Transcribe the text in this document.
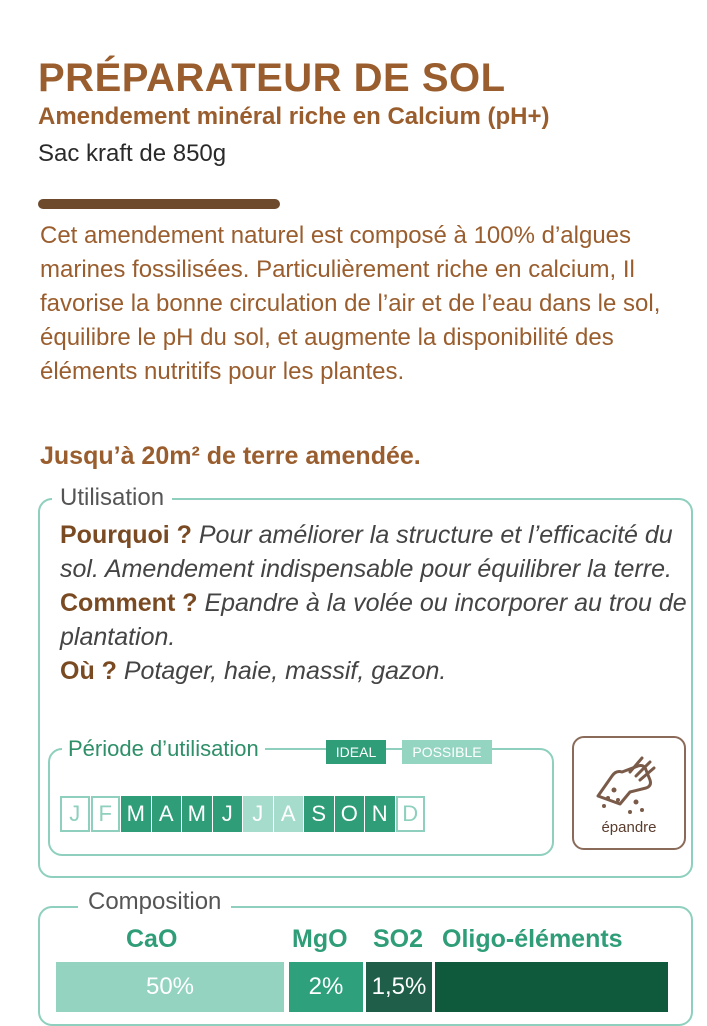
PRÉPARATEUR DE SOL
Amendement minéral riche en Calcium (pH+)
Sac kraft de 850g
Cet amendement naturel est composé à 100% d’algues marines fossilisées. Particulièrement riche en calcium, Il favorise la bonne circulation de l’air et de l’eau dans le sol, équilibre le pH du sol, et augmente la disponibilité des éléments nutritifs pour les plantes.
Jusqu’à 20m² de terre amendée.
Utilisation
Pourquoi ? Pour améliorer la structure et l’efficacité du sol. Amendement indispensable pour équilibrer la terre.
Comment ? Epandre à la volée ou incorporer au trou de plantation.
Où ? Potager, haie, massif, gazon.
Période d’utilisation	IDEAL	POSSIBLE
J F M A M J J A S O N D
épandre
Composition
CaO	MgO SO2 Oligo-éléments
50%	2%	1,5%
